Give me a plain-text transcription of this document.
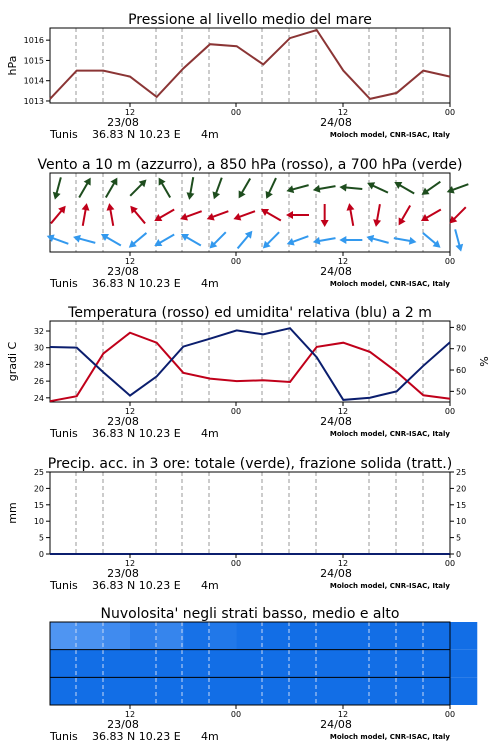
Pressione al livello medio del mare
1013
1014
1015
1016
hPa
12	00	12	00
23/08	24/08
Tunis 36.83 N 10.23 E 4m	Moloch model, CNR-ISAC, Italy
Vento a 10 m (azzurro), a 850 hPa (rosso), a 700 hPa (verde)
12	00	12	00
23/08	24/08
Tunis 36.83 N 10.23 E 4m	Moloch model, CNR-ISAC, Italy
Temperatura (rosso) ed umidita' relativa (blu) a 2 m
24
26
28
30
32
50
60
70
80
gradi C	%
12	00	12	00
23/08	24/08
Tunis 36.83 N 10.23 E 4m	Moloch model, CNR-ISAC, Italy
Precip. acc. in 3 ore: totale (verde), frazione solida (tratt.)
0
5
10
15
20
25
0
5
10
15
20
25
mm
12	00	12	00
23/08	24/08
Tunis 36.83 N 10.23 E 4m	Moloch model, CNR-ISAC, Italy
Nuvolosita' negli strati basso, medio e alto
12	00	12	00
23/08	24/08
Tunis 36.83 N 10.23 E 4m	Moloch model, CNR-ISAC, Italy
